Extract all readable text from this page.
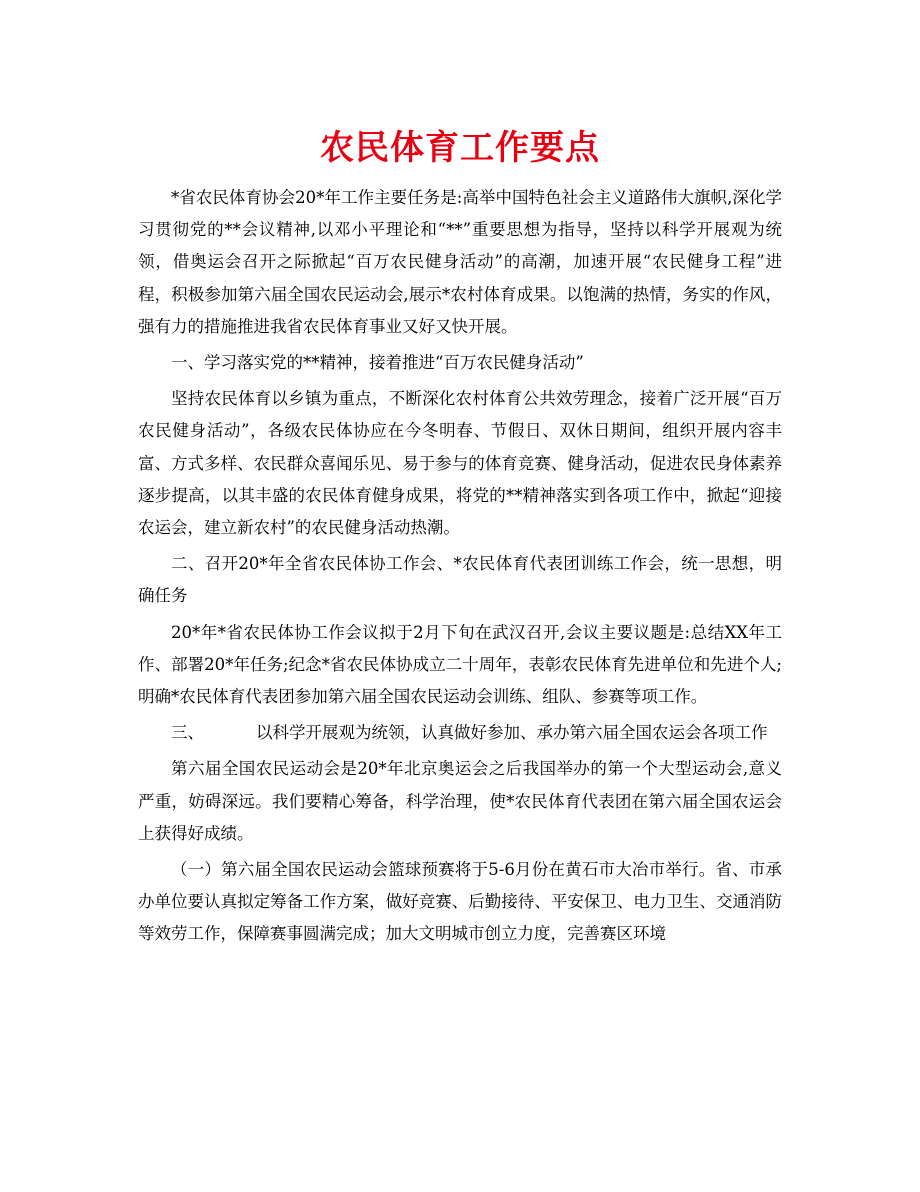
农民体育工作要点

*省农民体育协会20*年工作主要任务是:高举中国特色社会主义道路伟大旗帜,深化学习贯彻党的**会议精神,以邓小平理论和“**”重要思想为指导，坚持以科学开展观为统领，借奥运会召开之际掀起“百万农民健身活动”的高潮，加速开展“农民健身工程”进程，积极参加第六届全国农民运动会,展示*农村体育成果。以饱满的热情，务实的作风，强有力的措施推进我省农民体育事业又好又快开展。

一、学习落实党的**精神，接着推进“百万农民健身活动”

坚持农民体育以乡镇为重点，不断深化农村体育公共效劳理念，接着广泛开展“百万农民健身活动”，各级农民体协应在今冬明春、节假日、双休日期间，组织开展内容丰富、方式多样、农民群众喜闻乐见、易于参与的体育竞赛、健身活动，促进农民身体素养逐步提高，以其丰盛的农民体育健身成果，将党的**精神落实到各项工作中，掀起“迎接农运会，建立新农村”的农民健身活动热潮。

二、召开20*年全省农民体协工作会、*农民体育代表团训练工作会，统一思想，明确任务

20*年*省农民体协工作会议拟于2月下旬在武汉召开,会议主要议题是:总结XX年工作、部署20*年任务;纪念*省农民体协成立二十周年，表彰农民体育先进单位和先进个人;明确*农民体育代表团参加第六届全国农民运动会训练、组队、参赛等项工作。

三、	以科学开展观为统领，认真做好参加、承办第六届全国农运会各项工作

第六届全国农民运动会是20*年北京奥运会之后我国举办的第一个大型运动会,意义严重，妨碍深远。我们要精心筹备，科学治理，使*农民体育代表团在第六届全国农运会上获得好成绩。

（一）第六届全国农民运动会篮球预赛将于5-6月份在黄石市大冶市举行。省、市承办单位要认真拟定筹备工作方案，做好竞赛、后勤接待、平安保卫、电力卫生、交通消防等效劳工作，保障赛事圆满完成；加大文明城市创立力度，完善赛区环境
